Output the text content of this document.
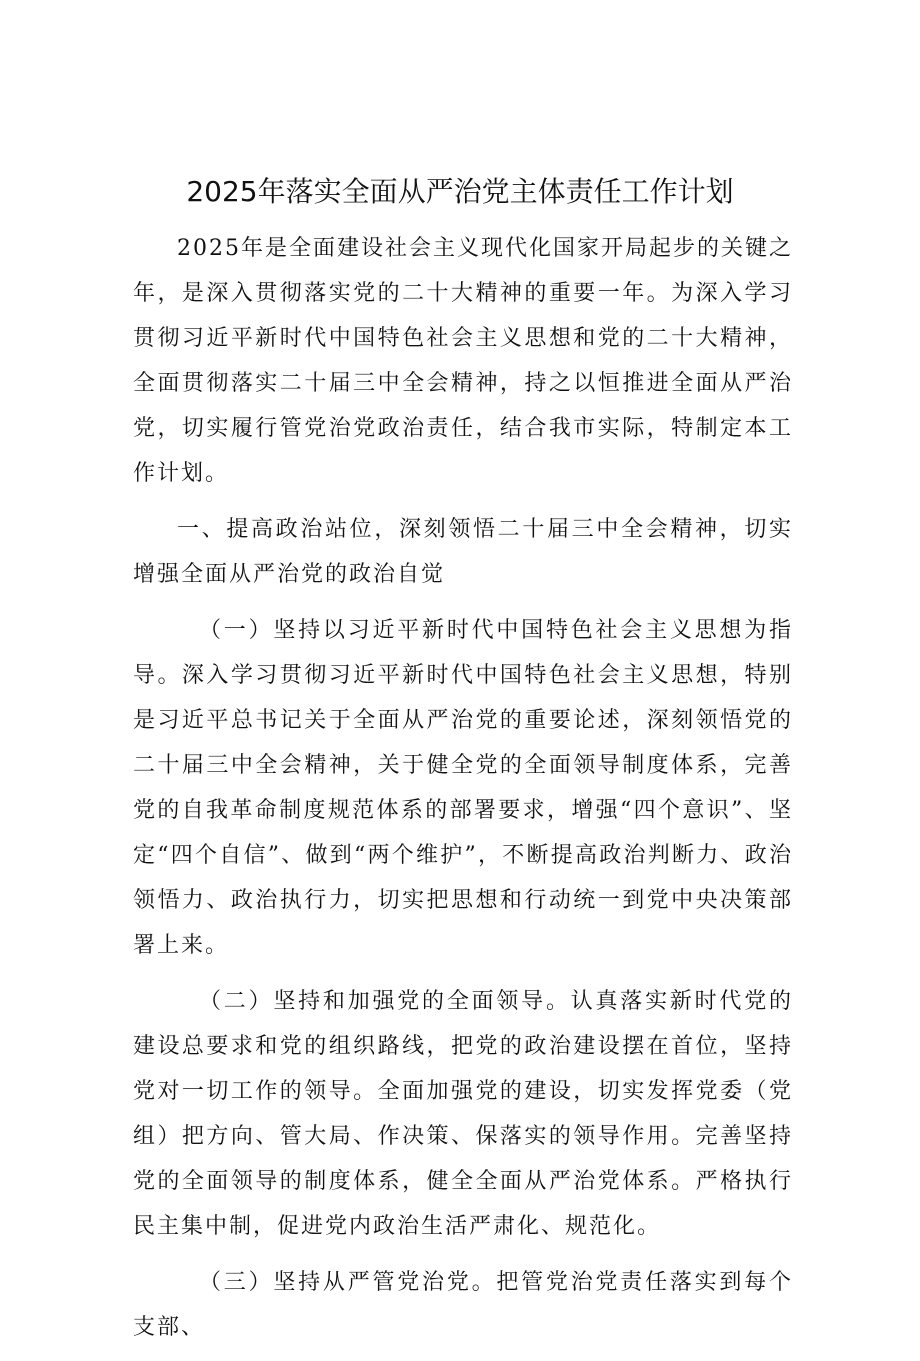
2025年落实全面从严治党主体责任工作计划

2025年是全面建设社会主义现代化国家开局起步的关键之年，是深入贯彻落实党的二十大精神的重要一年。为深入学习贯彻习近平新时代中国特色社会主义思想和党的二十大精神，全面贯彻落实二十届三中全会精神，持之以恒推进全面从严治党，切实履行管党治党政治责任，结合我市实际，特制定本工作计划。

一、提高政治站位，深刻领悟二十届三中全会精神，切实增强全面从严治党的政治自觉

（一）坚持以习近平新时代中国特色社会主义思想为指导。深入学习贯彻习近平新时代中国特色社会主义思想，特别是习近平总书记关于全面从严治党的重要论述，深刻领悟党的二十届三中全会精神，关于健全党的全面领导制度体系，完善党的自我革命制度规范体系的部署要求，增强“四个意识”、坚定“四个自信”、做到“两个维护”，不断提高政治判断力、政治领悟力、政治执行力，切实把思想和行动统一到党中央决策部署上来。

（二）坚持和加强党的全面领导。认真落实新时代党的建设总要求和党的组织路线，把党的政治建设摆在首位，坚持党对一切工作的领导。全面加强党的建设，切实发挥党委（党组）把方向、管大局、作决策、保落实的领导作用。完善坚持党的全面领导的制度体系，健全全面从严治党体系。严格执行民主集中制，促进党内政治生活严肃化、规范化。

（三）坚持从严管党治党。把管党治党责任落实到每个支部、
